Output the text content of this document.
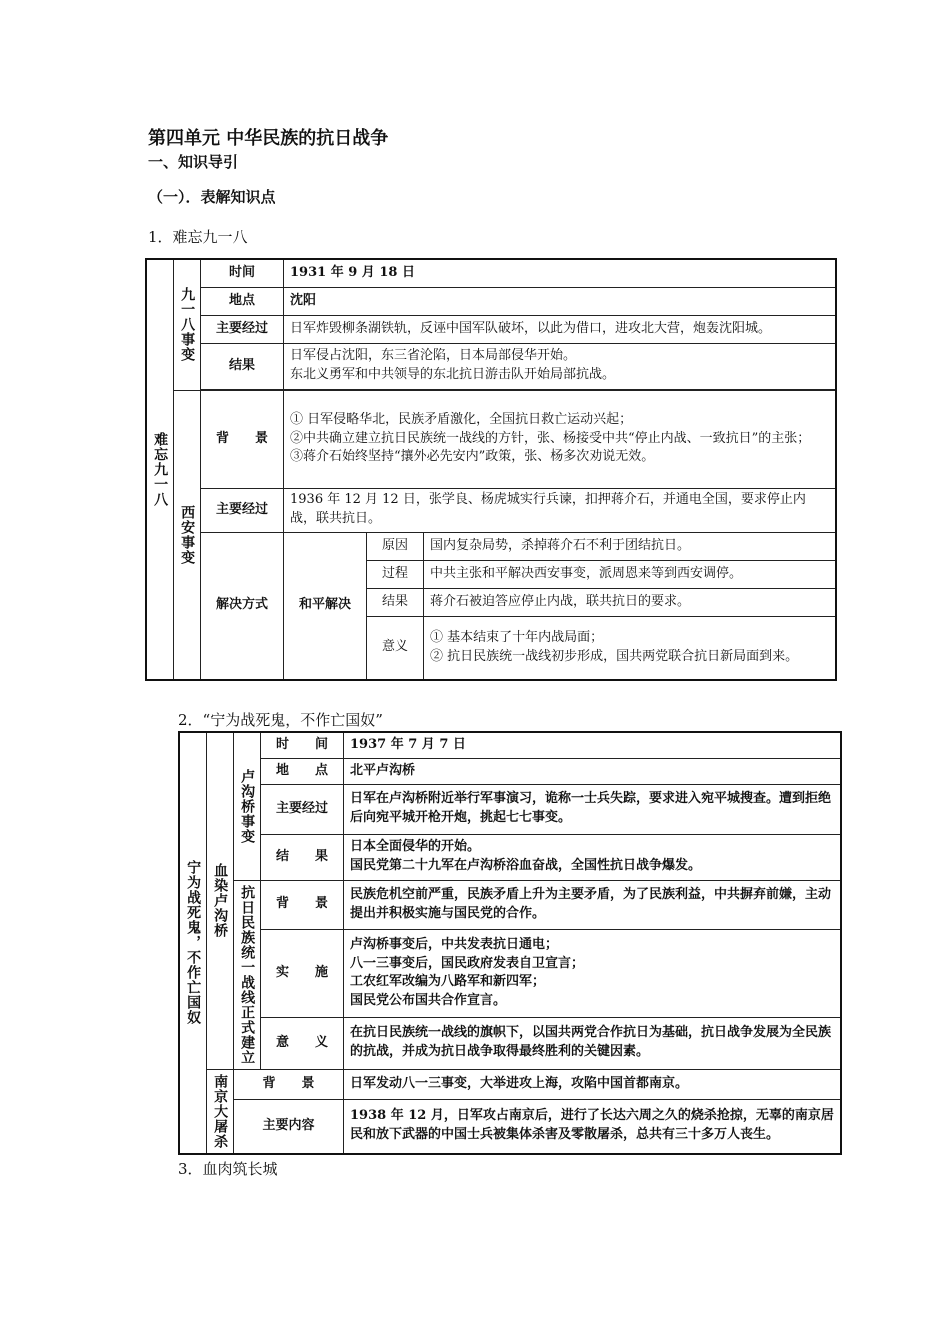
第四单元 中华民族的抗日战争
一、知识导引
（一）．表解知识点
1．难忘九一八
难忘九一八	九一八事变	时间	1931 年 9 月 18 日		
		地点	沈阳		
		主要经过	日军炸毁柳条湖铁轨，反诬中国军队破坏，以此为借口，进攻北大营，炮轰沈阳城。		
		结果	日军侵占沈阳，东三省沦陷，日本局部侵华开始。
东北义勇军和中共领导的东北抗日游击队开始局部抗战。		

	西安事变	背　　景	① 日军侵略华北，民族矛盾激化，全国抗日救亡运动兴起；
②中共确立建立抗日民族统一战线的方针，张、杨接受中共“停止内战、一致抗日”的主张；
③蒋介石始终坚持“攘外必先安内”政策，张、杨多次劝说无效。		

		主要经过	1936 年 12 月 12 日，张学良、杨虎城实行兵谏，扣押蒋介石，并通电全国，要求停止内战，联共抗日。		
		解决方式	和平解决	原因	国内复杂局势，杀掉蒋介石不利于团结抗日。
				过程	中共主张和平解决西安事变，派周恩来等到西安调停。
				结果	蒋介石被迫答应停止内战，联共抗日的要求。
				意义	① 基本结束了十年内战局面；
② 抗日民族统一战线初步形成，国共两党联合抗日新局面到来。
2．“宁为战死鬼，不作亡国奴”
宁为战死鬼，不作亡国奴	血染卢沟桥	卢沟桥事变	时　　间	1937 年 7 月 7 日
			地　　点	北平卢沟桥
			主要经过	日军在卢沟桥附近举行军事演习，诡称一士兵失踪，要求进入宛平城搜查。遭到拒绝后向宛平城开枪开炮，挑起七七事变。
			结　　果	日本全面侵华的开始。
国民党第二十九军在卢沟桥浴血奋战，全国性抗日战争爆发。

		抗日民族统一战线正式建立	背　　景	民族危机空前严重，民族矛盾上升为主要矛盾，为了民族利益，中共摒弃前嫌，主动提出并积极实施与国民党的合作。
			实　　施	卢沟桥事变后，中共发表抗日通电；
八一三事变后，国民政府发表自卫宣言；
工农红军改编为八路军和新四军；
国民党公布国共合作宣言。

			意　　义	在抗日民族统一战线的旗帜下，以国共两党合作抗日为基础，抗日战争发展为全民族的抗战，并成为抗日战争取得最终胜利的关键因素。
	南京大屠杀	背　　景		日军发动八一三事变，大举进攻上海，攻陷中国首都南京。
		主要内容		1938 年 12 月，日军攻占南京后，进行了长达六周之久的烧杀抢掠，无辜的南京居民和放下武器的中国士兵被集体杀害及零散屠杀，总共有三十多万人丧生。
3．血肉筑长城
